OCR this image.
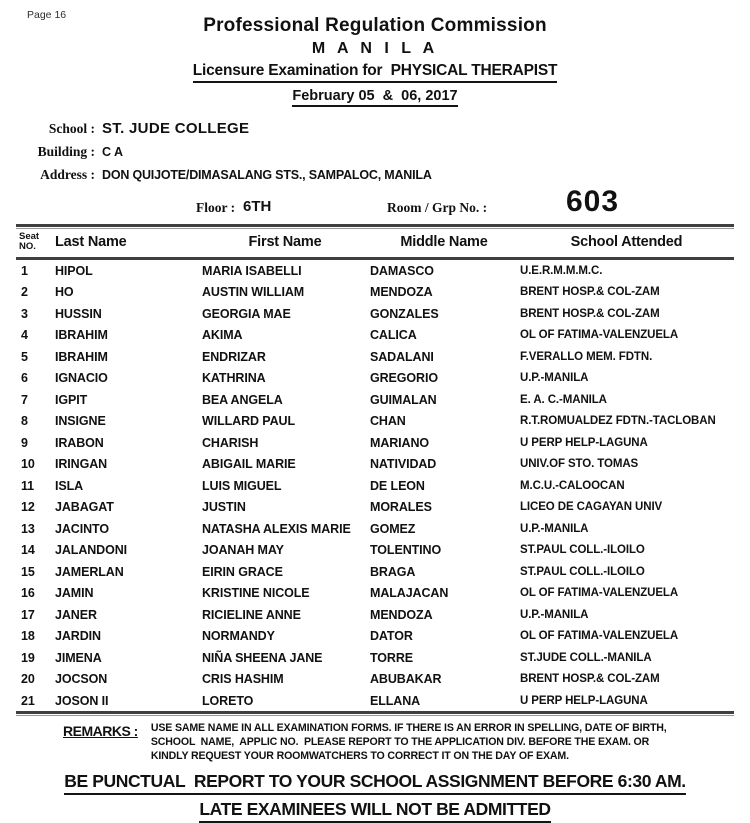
Page 16	Professional Regulation Commission
M A N I L A
Licensure Examination for  PHYSICAL THERAPIST
February 05  &  06, 2017
School : ST. JUDE COLLEGE
Building : C A
Address : DON QUIJOTE/DIMASALANG STS., SAMPALOC, MANILA
Floor : 6TH	Room / Grp No. :	603
Seat
NO.	Last Name	First Name	Middle Name	School Attended
1	HIPOL	MARIA ISABELLI	DAMASCO	U.E.R.M.M.M.C.
2	HO	AUSTIN WILLIAM	MENDOZA	BRENT HOSP.& COL-ZAM
3	HUSSIN	GEORGIA MAE	GONZALES	BRENT HOSP.& COL-ZAM
4	IBRAHIM	AKIMA	CALICA	OL OF FATIMA-VALENZUELA
5	IBRAHIM	ENDRIZAR	SADALANI	F.VERALLO MEM. FDTN.
6	IGNACIO	KATHRINA	GREGORIO	U.P.-MANILA
7	IGPIT	BEA ANGELA	GUIMALAN	E. A. C.-MANILA
8	INSIGNE	WILLARD PAUL	CHAN	R.T.ROMUALDEZ FDTN.-TACLOBAN
9	IRABON	CHARISH	MARIANO	U PERP HELP-LAGUNA
10	IRINGAN	ABIGAIL MARIE	NATIVIDAD	UNIV.OF STO. TOMAS
11	ISLA	LUIS MIGUEL	DE LEON	M.C.U.-CALOOCAN
12	JABAGAT	JUSTIN	MORALES	LICEO DE CAGAYAN UNIV
13	JACINTO	NATASHA ALEXIS MARIE	GOMEZ	U.P.-MANILA
14	JALANDONI	JOANAH MAY	TOLENTINO	ST.PAUL COLL.-ILOILO
15	JAMERLAN	EIRIN GRACE	BRAGA	ST.PAUL COLL.-ILOILO
16	JAMIN	KRISTINE NICOLE	MALAJACAN	OL OF FATIMA-VALENZUELA
17	JANER	RICIELINE ANNE	MENDOZA	U.P.-MANILA
18	JARDIN	NORMANDY	DATOR	OL OF FATIMA-VALENZUELA
19	JIMENA	NIÑA SHEENA JANE	TORRE	ST.JUDE COLL.-MANILA
20	JOCSON	CRIS HASHIM	ABUBAKAR	BRENT HOSP.& COL-ZAM
21	JOSON II	LORETO	ELLANA	U PERP HELP-LAGUNA
REMARKS : USE SAME NAME IN ALL EXAMINATION FORMS. IF THERE IS AN ERROR IN SPELLING, DATE OF BIRTH,
SCHOOL  NAME,  APPLIC NO.  PLEASE REPORT TO THE APPLICATION DIV. BEFORE THE EXAM. OR
KINDLY REQUEST YOUR ROOMWATCHERS TO CORRECT IT ON THE DAY OF EXAM.
BE PUNCTUAL  REPORT TO YOUR SCHOOL ASSIGNMENT BEFORE 6:30 AM.
LATE EXAMINEES WILL NOT BE ADMITTED
